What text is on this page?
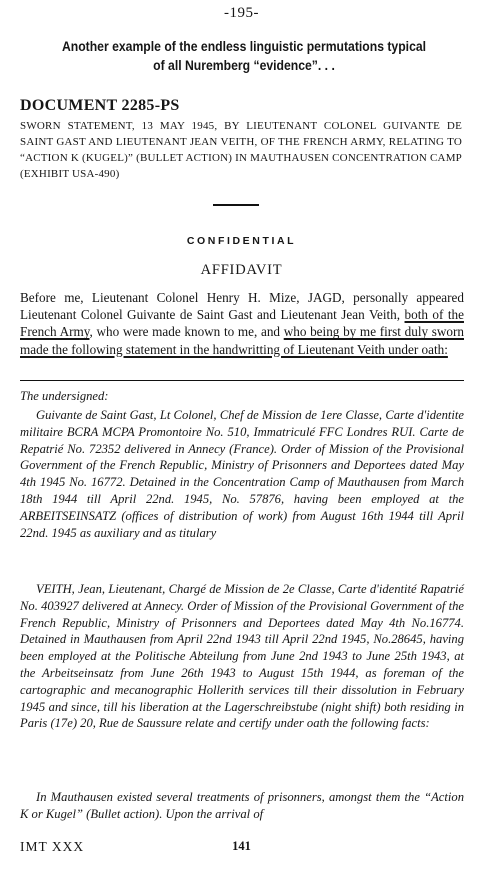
-195-
Another example of the endless linguistic permutations typical
of all Nuremberg “evidence”. . .
DOCUMENT 2285-PS
SWORN STATEMENT, 13 MAY 1945, BY LIEUTENANT COLONEL GUIVANTE DE SAINT GAST AND LIEUTENANT JEAN VEITH, OF THE FRENCH ARMY, RELATING TO “ACTION K (KUGEL)” (BULLET ACTION) IN MAUTHAUSEN CONCENTRATION CAMP (EXHIBIT USA-490)
CONFIDENTIAL
AFFIDAVIT
Before me, Lieutenant Colonel Henry H. Mize, JAGD, personally appeared Lieutenant Colonel Guivante de Saint Gast and Lieutenant Jean Veith, both of the French Army, who were made known to me, and who being by me first duly sworn made the following statement in the handwritting of Lieutenant Veith under oath:
The undersigned:
Guivante de Saint Gast, Lt Colonel, Chef de Mission de 1ere Classe, Carte d'identite militaire BCRA MCPA Promontoire No. 510, Immatriculé FFC Londres RUI. Carte de Repatrié No. 72352 delivered in Annecy (France). Order of Mission of the Provisional Government of the French Republic, Ministry of Prisonners and Deportees dated May 4th 1945 No. 16772. Detained in the Concentration Camp of Mauthausen from March 18th 1944 till April 22nd. 1945, No. 57876, having been employed at the ARBEITSEINSATZ (offices of distribution of work) from August 16th 1944 till April 22nd. 1945 as auxiliary and as titulary
VEITH, Jean, Lieutenant, Chargé de Mission de 2e Classe, Carte d'identité Rapatrié No. 403927 delivered at Annecy. Order of Mission of the Provisional Government of the French Republic, Ministry of Prisonners and Deportees dated May 4th No.16774. Detained in Mauthausen from April 22nd 1943 till April 22nd 1945, No.28645, having been employed at the Politische Abteilung from June 2nd 1943 to June 25th 1943, at the Arbeitseinsatz from June 26th 1943 to August 15th 1944, as foreman of the cartographic and mecanographic Hollerith services till their dissolution in February 1945 and since, till his liberation at the Lagerschreibstube (night shift) both residing in Paris (17e) 20, Rue de Saussure relate and certify under oath the following facts:
In Mauthausen existed several treatments of prisonners, amongst them the “Action K or Kugel” (Bullet action). Upon the arrival of
IMT XXX	141
